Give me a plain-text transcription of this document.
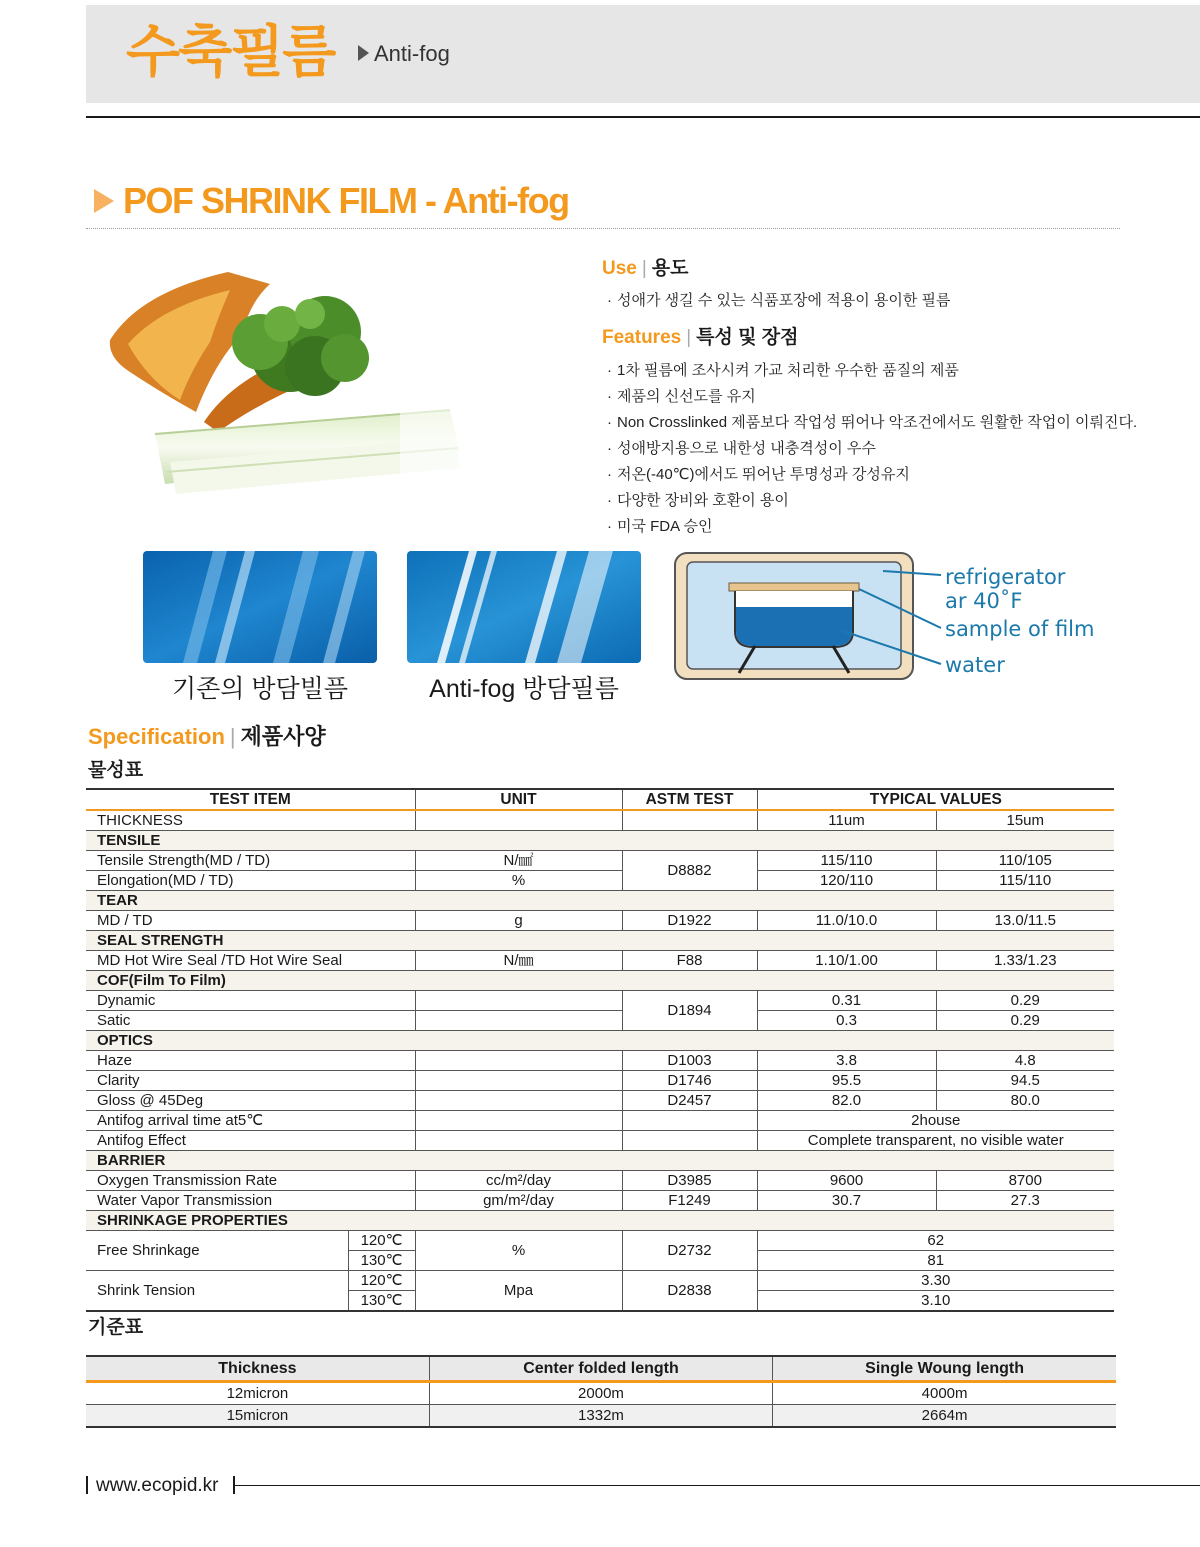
수축필름 Anti-fog
POF SHRINK FILM - Anti-fog
Use | 용도
· 성애가 생길 수 있는 식품포장에 적용이 용이한 필름
Features | 특성 및 장점
· 1차 필름에 조사시켜 가교 처리한 우수한 품질의 제품
· 제품의 신선도를 유지
· Non Crosslinked 제품보다 작업성 뛰어나 악조건에서도 원활한 작업이 이뤄진다.
· 성애방지용으로 내한성 내충격성이 우수
· 저온(-40℃)에서도 뛰어난 투명성과 강성유지
· 다양한 장비와 호환이 용이
· 미국 FDA 승인
기존의 방담빌픔	Anti-fog 방담필름
refrigerator
ar 40˚F
sample of film
water
Specification | 제품사양
물성표
TEST ITEM		UNIT	ASTM TEST	TYPICAL VALUES	
THICKNESS				11um	15um
TENSILE					
Tensile Strength(MD / TD)		N/㎟	D8882	115/110	110/105
Elongation(MD / TD)		%		120/110	115/110
TEAR					
MD / TD		g	D1922	11.0/10.0	13.0/11.5
SEAL STRENGTH					
MD Hot Wire Seal /TD Hot Wire Seal		N/㎜	F88	1.10/1.00	1.33/1.23
COF(Film To Film)					
Dynamic			D1894	0.31	0.29
Satic				0.3	0.29
OPTICS					
Haze			D1003	3.8	4.8
Clarity			D1746	95.5	94.5
Gloss @ 45Deg			D2457	82.0	80.0
Antifog arrival time at5℃				2house	
Antifog Effect				Complete transparent, no visible water	
BARRIER					
Oxygen Transmission Rate		cc/m²/day	D3985	9600	8700
Water Vapor Transmission		gm/m²/day	F1249	30.7	27.3
SHRINKAGE PROPERTIES					
Free Shrinkage	120℃	%	D2732	62	
	130℃			81	
Shrink Tension	120℃	Mpa	D2838	3.30	
	130℃			3.10	
기준표
Thickness	Center folded length	Single Woung length
12micron	2000m	4000m
15micron	1332m	2664m
www.ecopid.kr
